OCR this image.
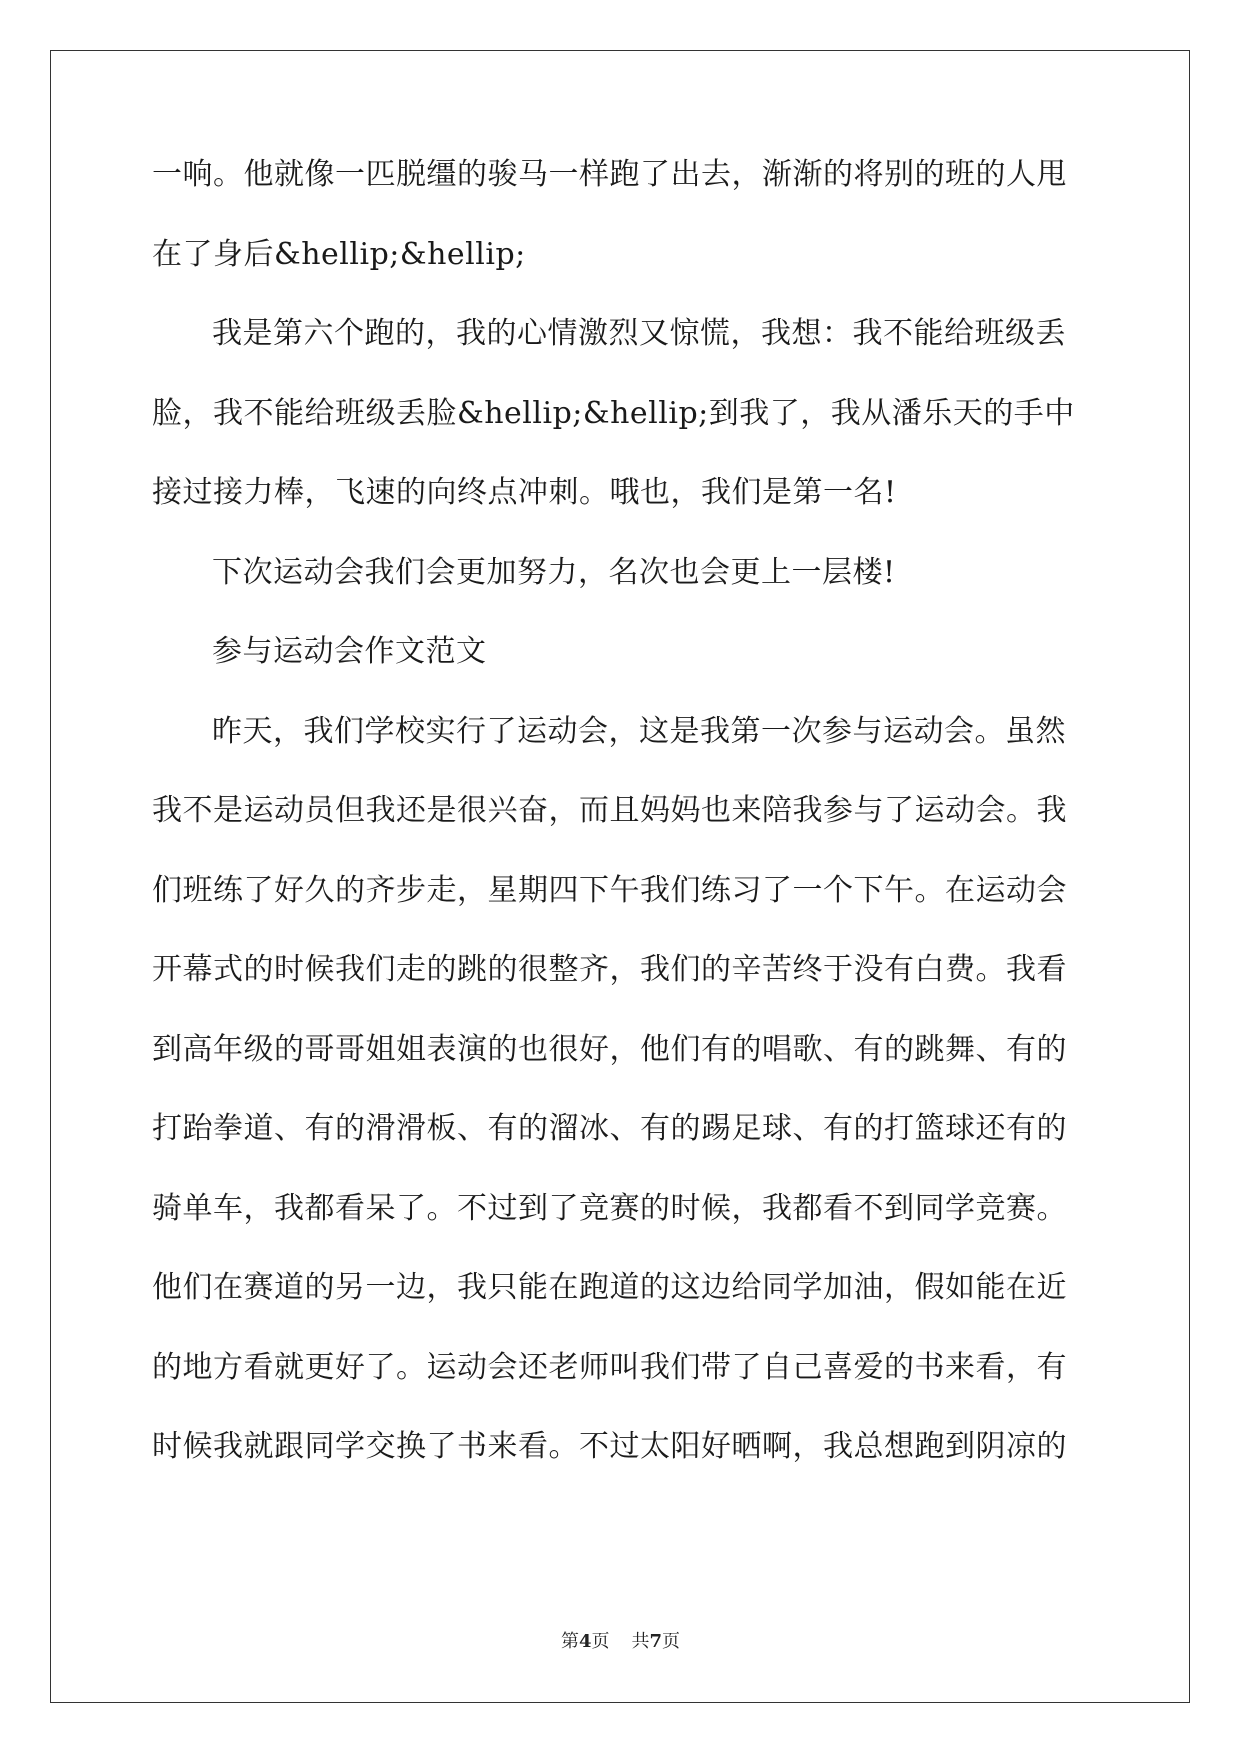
一响。他就像一匹脱缰的骏马一样跑了出去，渐渐的将别的班的人甩
在了身后&hellip;&hellip;
我是第六个跑的，我的心情激烈又惊慌，我想：我不能给班级丢
脸，我不能给班级丢脸&hellip;&hellip;到我了，我从潘乐天的手中
接过接力棒，飞速的向终点冲刺。哦也，我们是第一名!
下次运动会我们会更加努力，名次也会更上一层楼!
参与运动会作文范文
昨天，我们学校实行了运动会，这是我第一次参与运动会。虽然
我不是运动员但我还是很兴奋，而且妈妈也来陪我参与了运动会。我
们班练了好久的齐步走，星期四下午我们练习了一个下午。在运动会
开幕式的时候我们走的跳的很整齐，我们的辛苦终于没有白费。我看
到高年级的哥哥姐姐表演的也很好，他们有的唱歌、有的跳舞、有的
打跆拳道、有的滑滑板、有的溜冰、有的踢足球、有的打篮球还有的
骑单车，我都看呆了。不过到了竞赛的时候，我都看不到同学竞赛。
他们在赛道的另一边，我只能在跑道的这边给同学加油，假如能在近
的地方看就更好了。运动会还老师叫我们带了自己喜爱的书来看，有
时候我就跟同学交换了书来看。不过太阳好晒啊，我总想跑到阴凉的
第4页 共7页
